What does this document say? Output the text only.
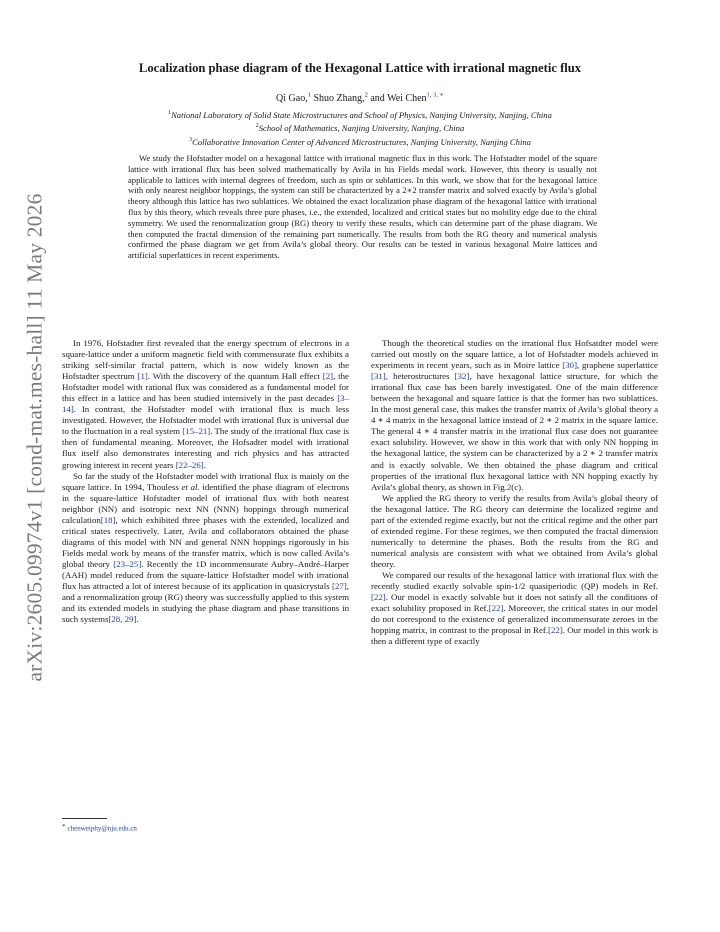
arXiv:2605.09974v1 [cond-mat.mes-hall] 11 May 2026
Localization phase diagram of the Hexagonal Lattice with irrational magnetic flux
Qi Gao,$^1$ Shuo Zhang,$^2$ and Wei Chen$^{1, 3, ∗}$
$^1$National Laboratory of Solid State Microstructures and School of Physics, Nanjing University, Nanjing, China
$^2$School of Mathematics, Nanjing University, Nanjing, China
$^3$Collaborative Innovation Center of Advanced Microstructures, Nanjing University, Nanjing China

We study the Hofstadter model on a hexagonal lattice with irrational magnetic flux in this work. The Hofstadter model of the square lattice with irrational flux has been solved mathematically by Avila in his Fields medal work. However, this theory is usually not applicable to lattices with internal degrees of freedom, such as spin or sublattices. In this work, we show that for the hexagonal lattice with only nearest neighbor hoppings, the system can still be characterized by a 2∗2 transfer matrix and solved exactly by Avila’s global theory although this lattice has two sublattices. We obtained the exact localization phase diagram of the hexagonal lattice with irrational flux by this theory, which reveals three pure phases, i.e., the extended, localized and critical states but no mobility edge due to the chiral symmetry. We used the renormalization group (RG) theory to verify these results, which can determine part of the phase diagram. We then computed the fractal dimension of the remaining part numerically. The results from both the RG theory and numerical analysis confirmed the phase diagram we get from Avila’s global theory. Our results can be tested in various hexagonal Moire lattices and artificial superlattices in recent experiments.

In 1976, Hofstadter first revealed that the energy spectrum of electrons in a square-lattice under a uniform magnetic field with commensurate flux exhibits a striking self-similar fractal pattern, which is now widely known as the Hofstadter spectrum [1]. With the discovery of the quantum Hall effect [2], the Hofstadter model with rational flux was considered as a fundamental model for this effect in a lattice and has been studied intensively in the past decades [3–14]. In contrast, the Hofstadter model with irrational flux is much less investigated. However, the Hofstadter model with irrational flux is universal due to the fluctuation in a real system [15–21]. The study of the irrational flux case is then of fundamental meaning. Moreover, the Hofsadter model with irrational flux itself also demonstrates interesting and rich physics and has attracted growing interest in recent years [22–26].

So far the study of the Hofstadter model with irrational flux is mainly on the square lattice. In 1994, Thouless et al. identified the phase diagram of electrons in the square-lattice Hofstadter model of irrational flux with both nearest neighbor (NN) and isotropic next NN (NNN) hoppings through numerical calculation[18], which exhibited three phases with the extended, localized and critical states respectively. Later, Avila and collaborators obtained the phase diagrams of this model with NN and general NNN hoppings rigorously in his Fields medal work by means of the transfer matrix, which is now called Avila’s global theory [23–25]. Recently the 1D incommensurate Aubry–André–Harper (AAH) model reduced from the square-lattice Hofstadter model with irrational flux has attracted a lot of interest because of its application in quasicrystals [27], and a renormalization group (RG) theory was successfully applied to this system and its extended models in studying the phase diagram and phase transitions in such systems[28, 29].

Though the theoretical studies on the irrational flux Hofsatdter model were carried out mostly on the square lattice, a lot of Hofstadter models achieved in experiments in recent years, such as in Moire lattice [30], graphene superlattice [31], heterostructures [32], have hexagonal lattice structure, for which the irrational flux case has been barely investigated. One of the main difference between the hexagonal and square lattice is that the former has two sublattices. In the most general case, this makes the transfer matrix of Avila’s global theory a 4 ∗ 4 matrix in the hexagonal lattice instead of 2 ∗ 2 matrix in the square lattice. The general 4 ∗ 4 transfer matrix in the irrational flux case does not guarantee exact solubility. However, we show in this work that with only NN hopping in the hexagonal lattice, the system can be characterized by a 2 ∗ 2 transfer matrix and is exactly solvable. We then obtained the phase diagram and critical properties of the irrational flux hexagonal lattice with NN hopping exactly by Avila’s global theory, as shown in Fig.2(c).

We applied the RG theory to verify the results from Avila’s global theory of the hexagonal lattice. The RG theory can determine the localized regime and part of the extended regime exactly, but not the critical regime and the other part of extended regime. For these regimes, we then computed the fractal dimension numerically to determine the phases. Both the results from the RG and numerical analysis are consistent with what we obtained from Avila’s global theory.

We compared our results of the hexagonal lattice with irrational flux with the recently studied exactly solvable spin-1/2 quasiperiodic (QP) models in Ref.[22]. Our model is exactly solvable but it does not satisfy all the conditions of exact solubility proposed in Ref.[22]. Moreover, the critical states in our model do not correspond to the existence of generalized incommensurate zeroes in the hopping matrix, in contrast to the proposal in Ref.[22]. Our model in this work is then a different type of exactly

∗ chenweiphy@nju.edu.cn
